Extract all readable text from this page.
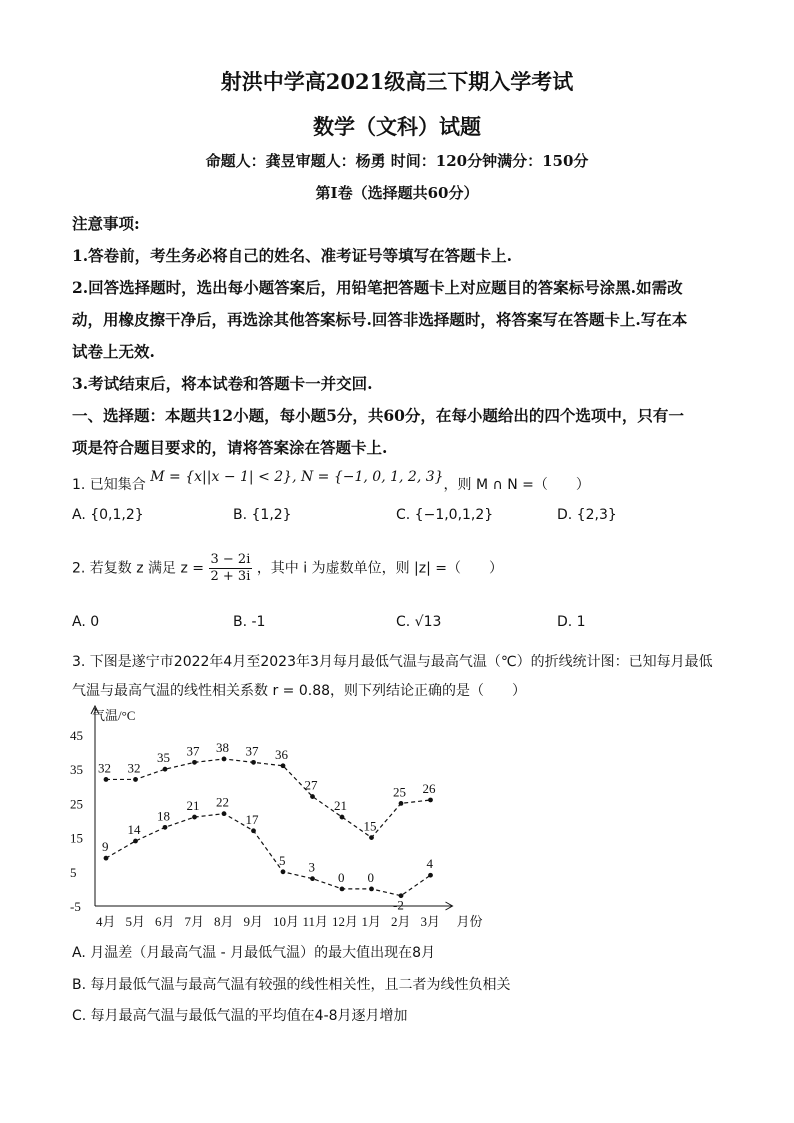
射洪中学高2021级高三下期入学考试
数学（文科）试题
命题人：龚昱审题人：杨勇 时间：120分钟满分：150分
第Ⅰ卷（选择题共60分）
注意事项:
1.答卷前，考生务必将自己的姓名、准考证号等填写在答题卡上.
2.回答选择题时，选出每小题答案后，用铅笔把答题卡上对应题目的答案标号涂黑.如需改
动，用橡皮擦干净后，再选涂其他答案标号.回答非选择题时，将答案写在答题卡上.写在本
试卷上无效.
3.考试结束后，将本试卷和答题卡一并交回.
一、选择题：本题共12小题，每小题5分，共60分，在每小题给出的四个选项中，只有一
项是符合题目要求的，请将答案涂在答题卡上.
1. 已知集合 M = {x||x − 1| < 2}, N = {−1, 0, 1, 2, 3}，则 M ∩ N =（　　）
A. {0,1,2}	B. {1,2}	C. {−1,0,1,2}	D. {2,3}
2. 若复数 z 满足 $z = \frac{3 - 2i}{2 + 3i}$ ，其中 i 为虚数单位，则 |z| =（　　）
A. 0	B. -1	C. √13	D. 1
3. 下图是遂宁市2022年4月至2023年3月每月最低气温与最高气温（℃）的折线统计图：已知每月最低
气温与最高气温的线性相关系数 r = 0.88，则下列结论正确的是（　　）
气温/°C
月份
45
35
25
15
5
-5
4月 5月 6月 7月 8月 9月 10月 11月 12月 1月 2月 3月
32 32
35 37 38 37 36
27
21
15
25 26
9
14
18
21 22
17
5 3
0 0
-2
4
A. 月温差（月最高气温 - 月最低气温）的最大值出现在8月
B. 每月最低气温与最高气温有较强的线性相关性，且二者为线性负相关
C. 每月最高气温与最低气温的平均值在4-8月逐月增加
